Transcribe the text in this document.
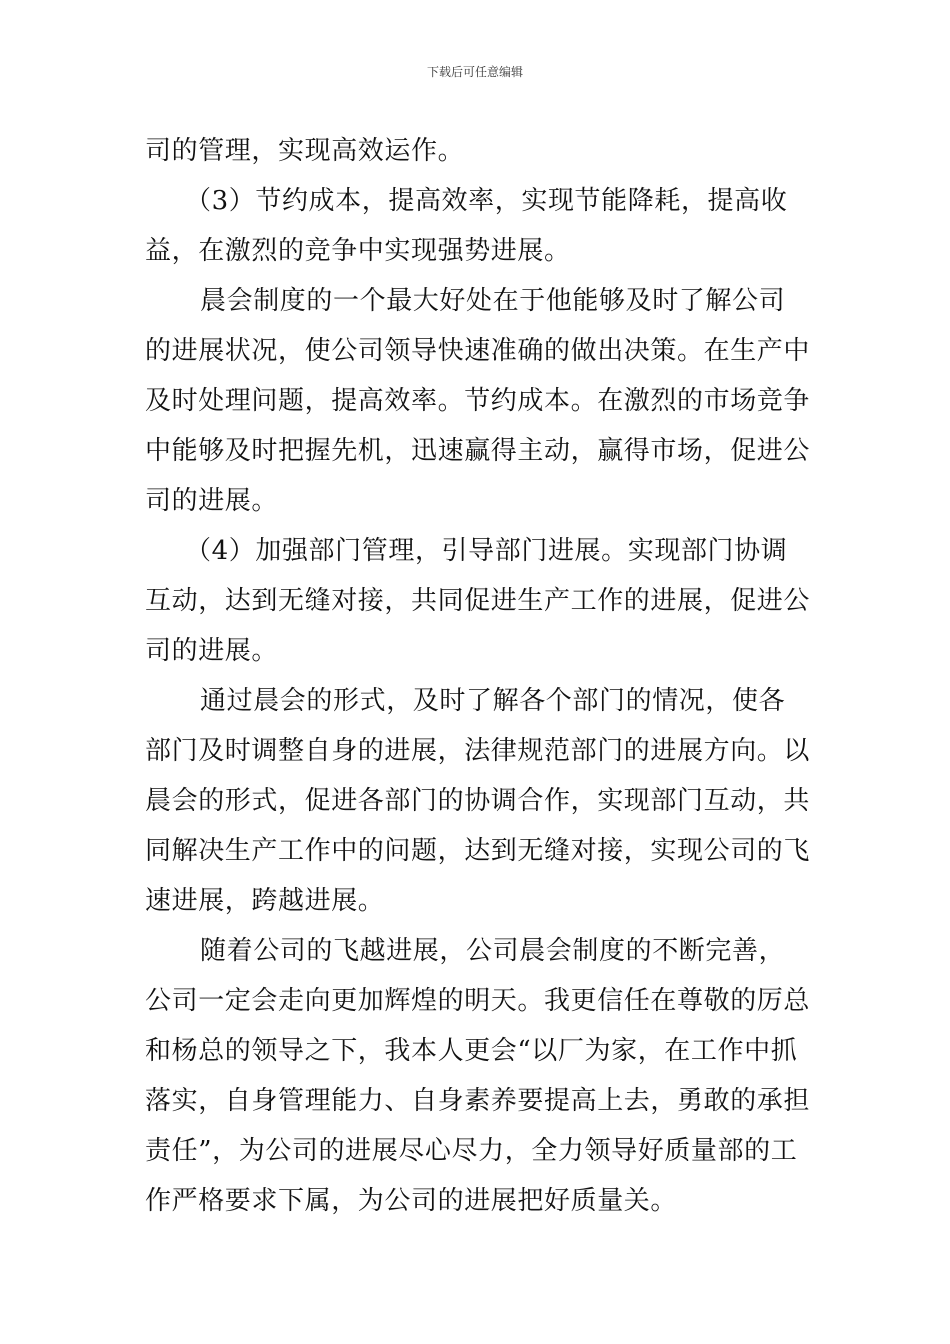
下载后可任意编辑

司的管理，实现高效运作。

（3）节约成本，提高效率，实现节能降耗，提高收益，在激烈的竞争中实现强势进展。

晨会制度的一个最大好处在于他能够及时了解公司的进展状况，使公司领导快速准确的做出决策。在生产中及时处理问题，提高效率。节约成本。在激烈的市场竞争中能够及时把握先机，迅速赢得主动，赢得市场，促进公司的进展。

（4）加强部门管理，引导部门进展。实现部门协调互动，达到无缝对接，共同促进生产工作的进展，促进公司的进展。

通过晨会的形式，及时了解各个部门的情况，使各部门及时调整自身的进展，法律规范部门的进展方向。以晨会的形式，促进各部门的协调合作，实现部门互动，共同解决生产工作中的问题，达到无缝对接，实现公司的飞速进展，跨越进展。

随着公司的飞越进展，公司晨会制度的不断完善，公司一定会走向更加辉煌的明天。我更信任在尊敬的厉总和杨总的领导之下，我本人更会“以厂为家，在工作中抓落实，自身管理能力、自身素养要提高上去，勇敢的承担责任”，为公司的进展尽心尽力，全力领导好质量部的工作严格要求下属，为公司的进展把好质量关。
